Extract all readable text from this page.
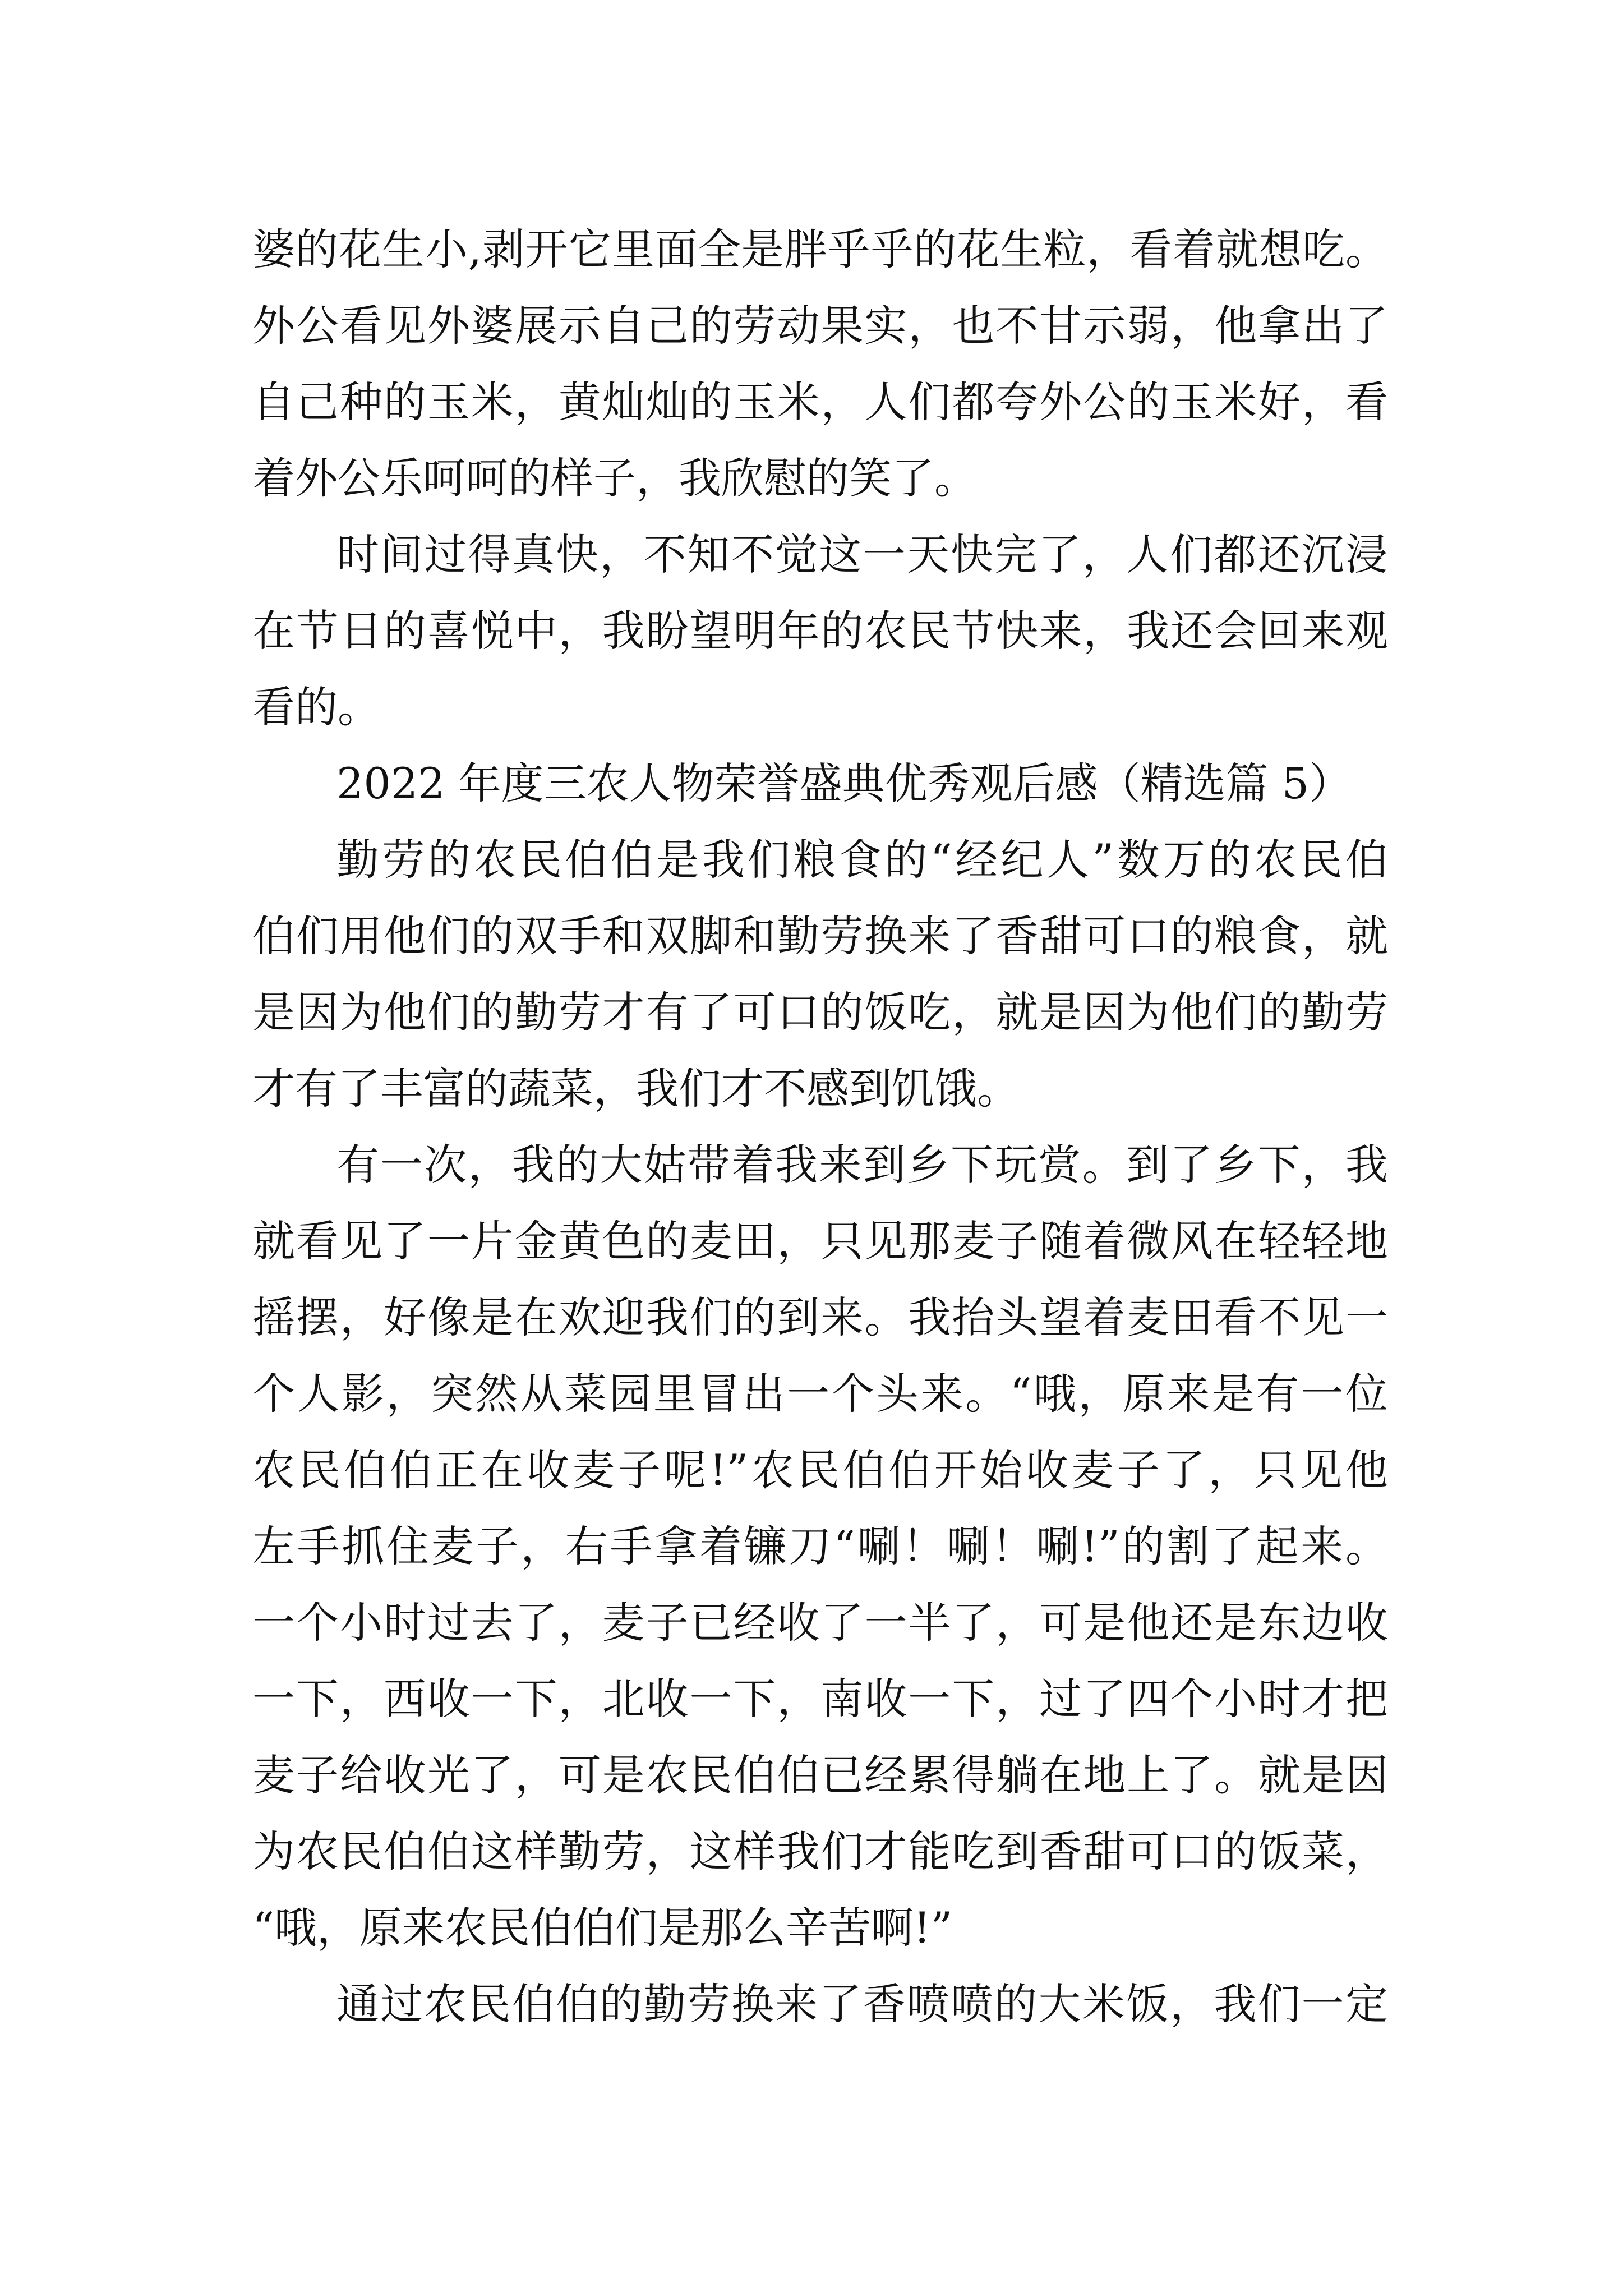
婆的花生小,剥开它里面全是胖乎乎的花生粒，看着就想吃。
外公看见外婆展示自己的劳动果实，也不甘示弱，他拿出了
自己种的玉米，黄灿灿的玉米，人们都夸外公的玉米好，看
着外公乐呵呵的样子，我欣慰的笑了。
时间过得真快，不知不觉这一天快完了，人们都还沉浸
在节日的喜悦中，我盼望明年的农民节快来，我还会回来观
看的。
2022 年度三农人物荣誉盛典优秀观后感（精选篇 5）
勤劳的农民伯伯是我们粮食的“经纪人”数万的农民伯
伯们用他们的双手和双脚和勤劳换来了香甜可口的粮食，就
是因为他们的勤劳才有了可口的饭吃，就是因为他们的勤劳
才有了丰富的蔬菜，我们才不感到饥饿。
有一次，我的大姑带着我来到乡下玩赏。到了乡下，我
就看见了一片金黄色的麦田，只见那麦子随着微风在轻轻地
摇摆，好像是在欢迎我们的到来。我抬头望着麦田看不见一
个人影，突然从菜园里冒出一个头来。“哦，原来是有一位
农民伯伯正在收麦子呢!”农民伯伯开始收麦子了，只见他
左手抓住麦子，右手拿着镰刀“唰！唰！唰!”的割了起来。
一个小时过去了，麦子已经收了一半了，可是他还是东边收
一下，西收一下，北收一下，南收一下，过了四个小时才把
麦子给收光了，可是农民伯伯已经累得躺在地上了。就是因
为农民伯伯这样勤劳，这样我们才能吃到香甜可口的饭菜，
“哦，原来农民伯伯们是那么辛苦啊!”
通过农民伯伯的勤劳换来了香喷喷的大米饭，我们一定
